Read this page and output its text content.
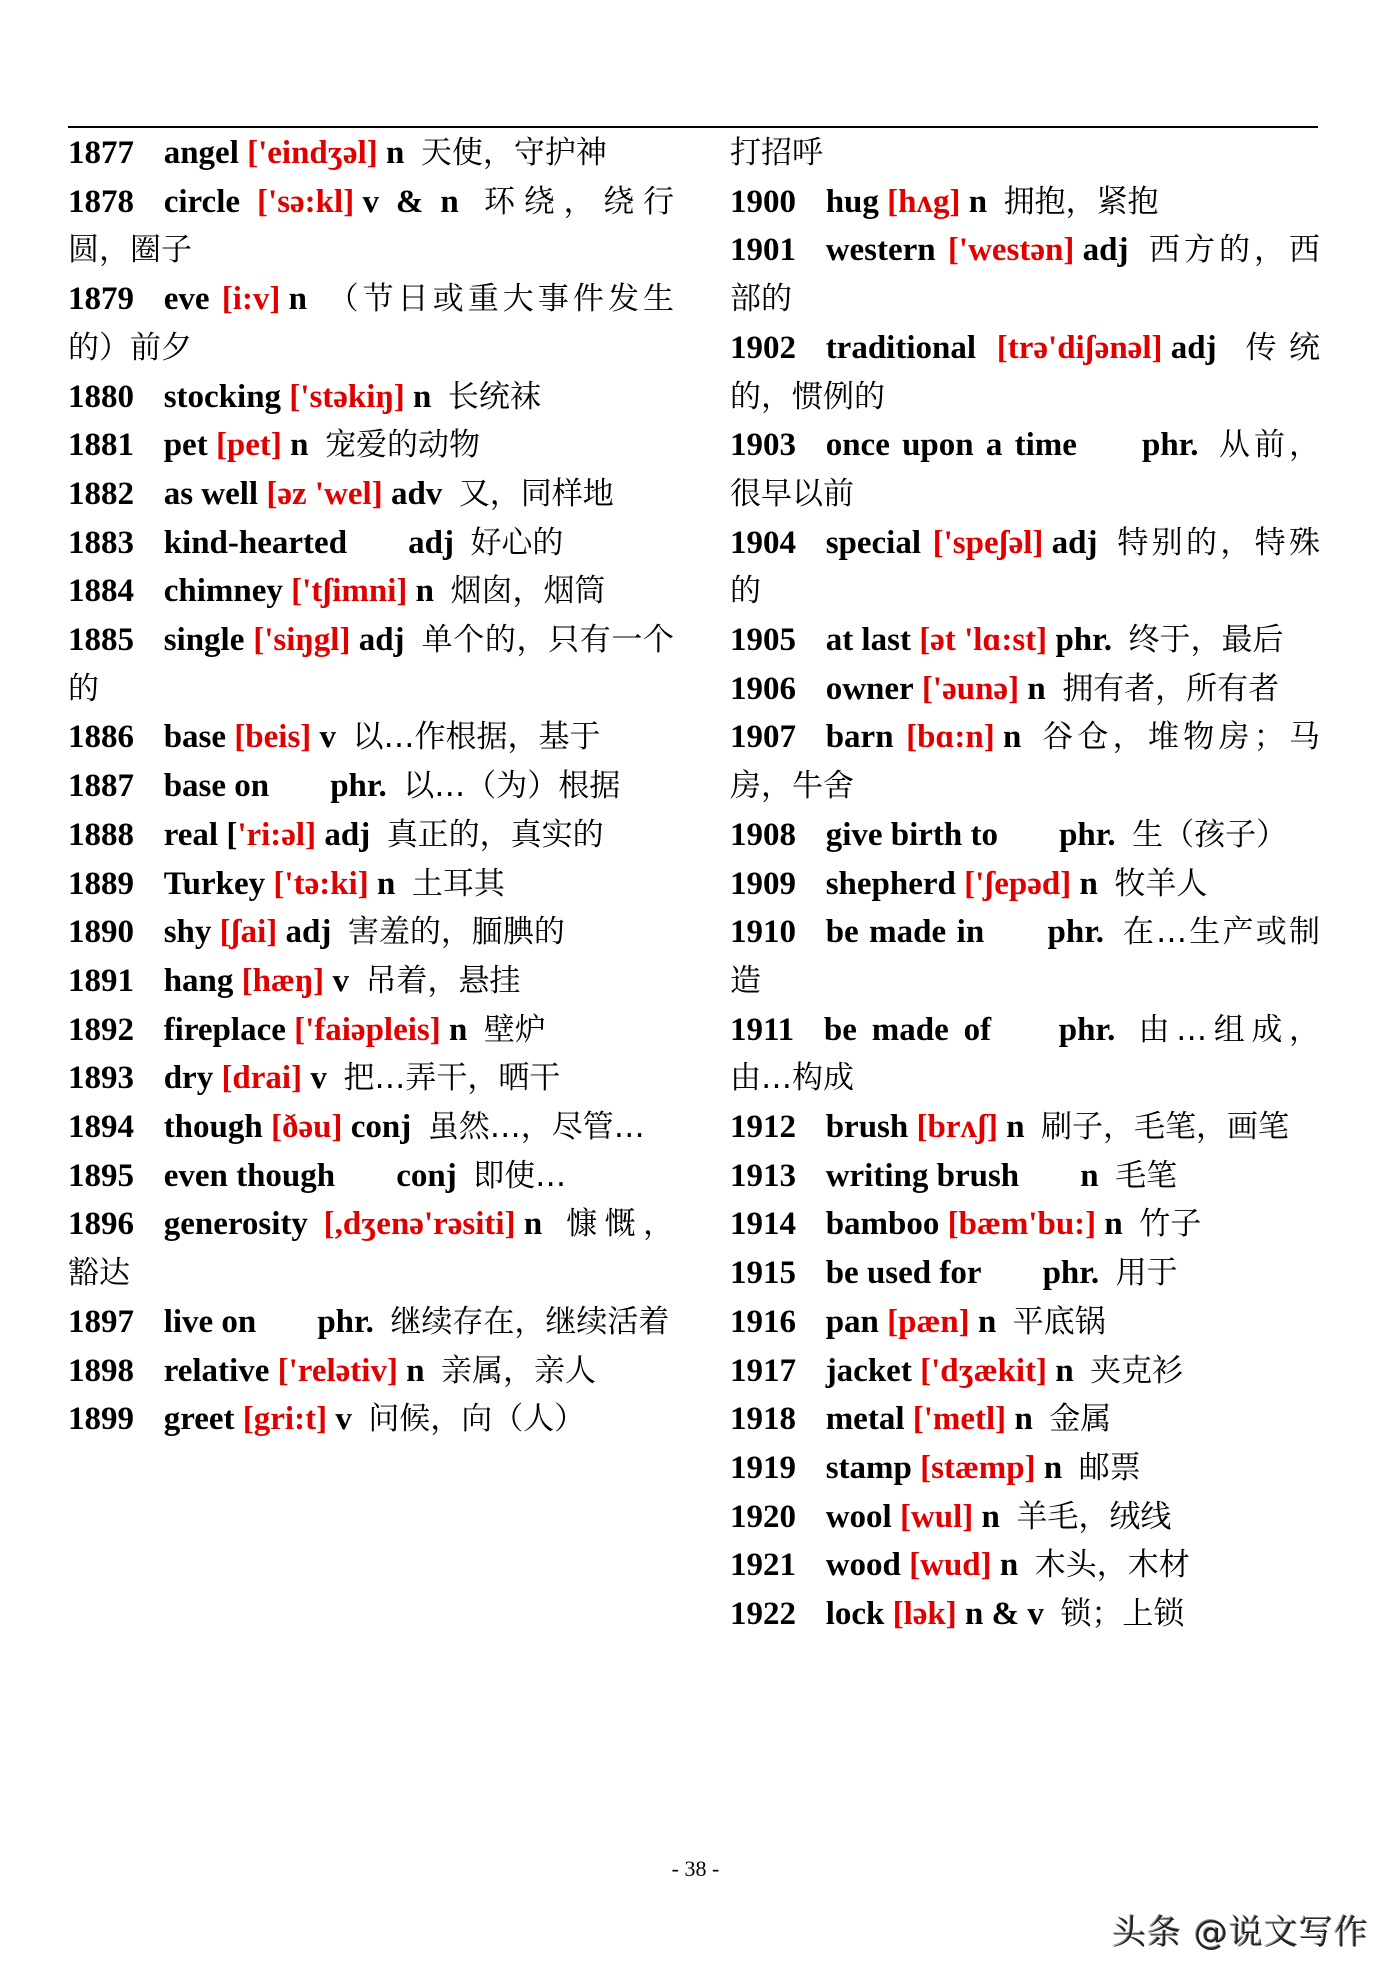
1877 angel ['eindʒəl] n 天使，守护神
1878 circle ['sə:kl] v & n 环绕，绕行　　圆，圈子
1879 eve [i:v] n （节日或重大事件发生的）前夕
1880 stocking ['stəkiŋ] n 长统袜
1881 pet [pet] n 宠爱的动物
1882 as well [əz 'wel] adv 又，同样地
1883 kind-hearted adj 好心的
1884 chimney ['tʃimni] n 烟囱，烟筒
1885 single ['siŋgl] adj 单个的，只有一个的
1886 base [beis] v 以…作根据，基于
1887 base on phr. 以…（为）根据
1888 real ['ri:əl] adj 真正的，真实的
1889 Turkey ['tə:ki] n 土耳其
1890 shy [ʃai] adj 害羞的，腼腆的
1891 hang [hæŋ] v 吊着，悬挂
1892 fireplace ['faiəpleis] n 壁炉
1893 dry [drai] v 把…弄干，晒干
1894 though [ðəu] conj 虽然…，尽管…
1895 even though conj 即使…
1896 generosity [,dʒenə'rəsiti] n 慷慨，豁达
1897 live on phr. 继续存在，继续活着
1898 relative ['relətiv] n 亲属，亲人
1899 greet [gri:t] v 问候，向（人）
打招呼
1900 hug [hʌg] n 拥抱，紧抱
1901 western ['westən] adj 西方的，西部的
1902 traditional [trə'diʃənəl] adj 传统的，惯例的
1903 once upon a time phr. 从前，很早以前
1904 special ['speʃəl] adj 特别的，特殊的
1905 at last [ət 'lɑ:st] phr. 终于，最后
1906 owner ['əunə] n 拥有者，所有者
1907 barn [bɑ:n] n 谷仓，堆物房；马房，牛舍
1908 give birth to phr. 生（孩子）
1909 shepherd ['ʃepəd] n 牧羊人
1910 be made in phr. 在…生产或制造
1911 be made of phr. 由…组成，由…构成
1912 brush [brʌʃ] n 刷子，毛笔，画笔
1913 writing brush n 毛笔
1914 bamboo [bæm'bu:] n 竹子
1915 be used for phr. 用于
1916 pan [pæn] n 平底锅
1917 jacket ['dʒækit] n 夹克衫
1918 metal ['metl] n 金属
1919 stamp [stæmp] n 邮票
1920 wool [wul] n 羊毛，绒线
1921 wood [wud] n 木头，木材
1922 lock [lək] n & v 锁；上锁
- 38 -
头条 @说文写作
